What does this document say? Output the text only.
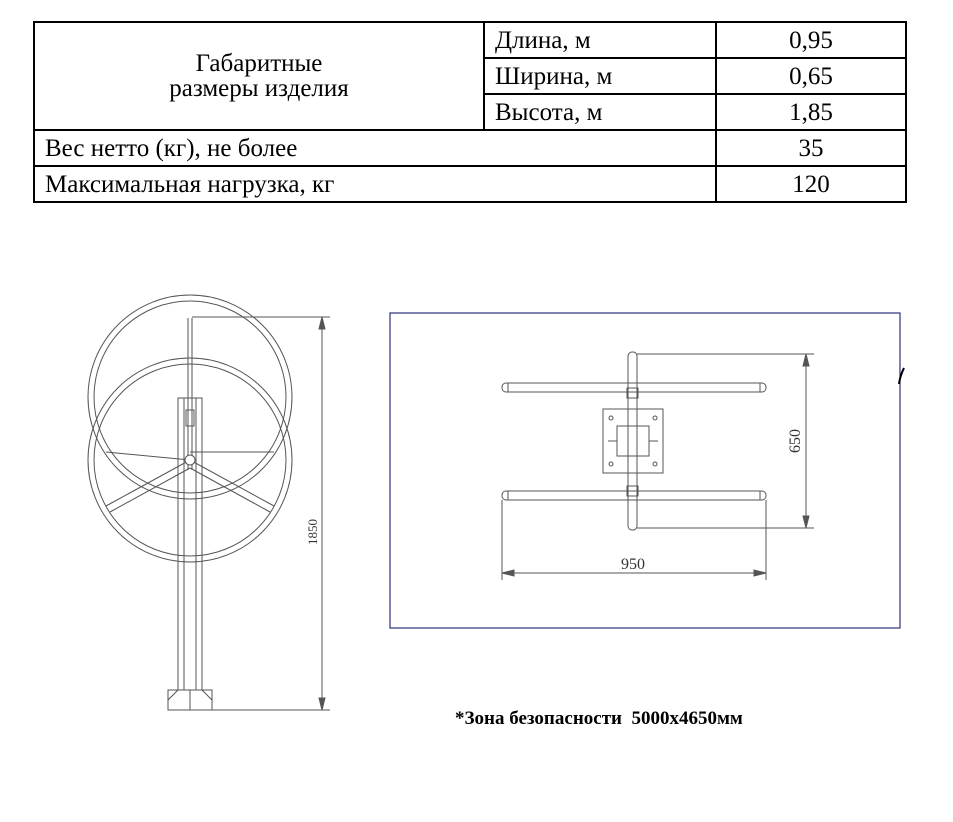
Габаритные
размеры изделия	Длина, м	0,95
	Ширина, м	0,65
	Высота, м	1,85
Вес нетто (кг), не более		35
Максимальная нагрузка, кг		120
1850
650
950
*Зона безопасности  5000x4650мм
